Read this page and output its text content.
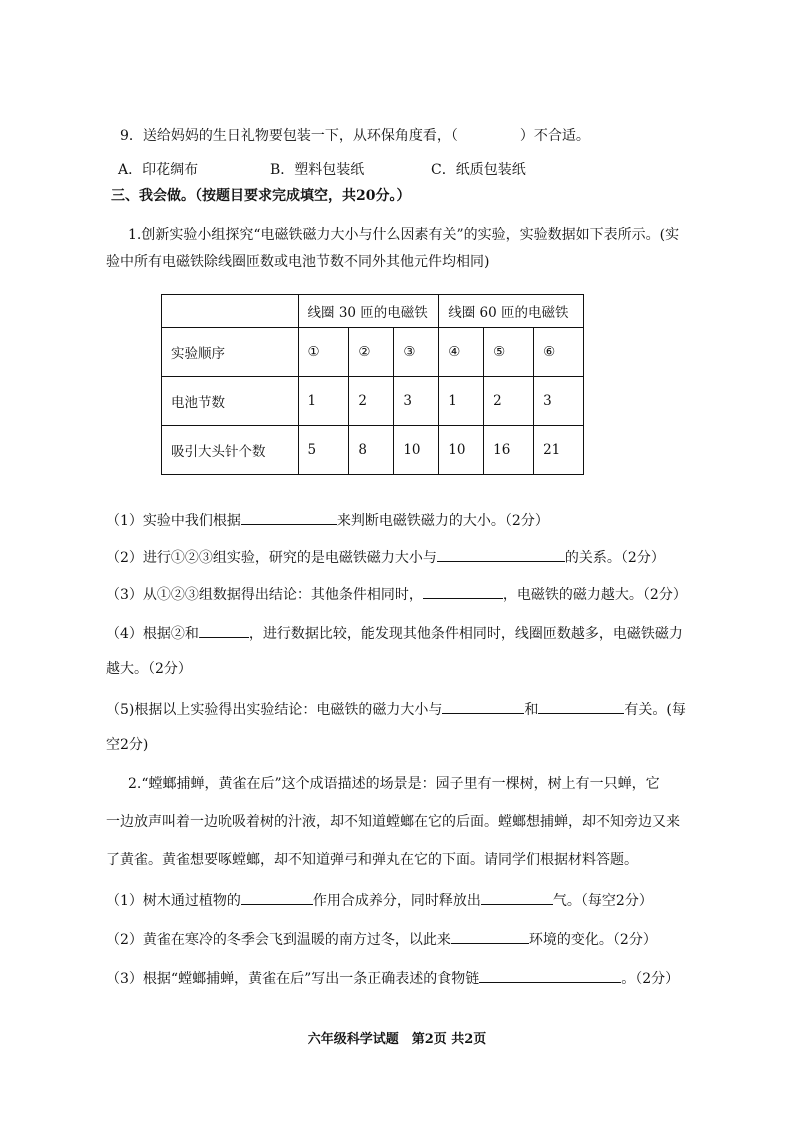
9．送给妈妈的生日礼物要包装一下，从环保角度看，（	）不合适。
A．印花绸布	B．塑料包装纸	C．纸质包装纸
三、我会做。（按题目要求完成填空，共20分。）
1.创新实验小组探究“电磁铁磁力大小与什么因素有关”的实验，实验数据如下表所示。(实
验中所有电磁铁除线圈匝数或电池节数不同外其他元件均相同)
	线圈 30 匝的电磁铁			线圈 60 匝的电磁铁		
实验顺序	①	②	③	④	⑤	⑥
电池节数	1	2	3	1	2	3
吸引大头针个数	5	8	10	10	16	21
（1）实验中我们根据	来判断电磁铁磁力的大小。（2分）
（2）进行①②③组实验，研究的是电磁铁磁力大小与	的关系。（2分）
（3）从①②③组数据得出结论：其他条件相同时，	，电磁铁的磁力越大。（2分）
（4）根据②和	，进行数据比较，能发现其他条件相同时，线圈匝数越多，电磁铁磁力
越大。（2分）
（5)根据以上实验得出实验结论：电磁铁的磁力大小与	和	有关。(每
空2分)
2.“螳螂捕蝉，黄雀在后”这个成语描述的场景是：园子里有一棵树，树上有一只蝉，它
一边放声叫着一边吮吸着树的汁液，却不知道螳螂在它的后面。螳螂想捕蝉，却不知旁边又来
了黄雀。黄雀想要啄螳螂，却不知道弹弓和弹丸在它的下面。请同学们根据材料答题。
（1）树木通过植物的	作用合成养分，同时释放出	气。（每空2分）
（2）黄雀在寒冷的冬季会飞到温暖的南方过冬，以此来	环境的变化。（2分）
（3）根据“螳螂捕蝉，黄雀在后”写出一条正确表述的食物链	。（2分）
六年级科学试题　第2页 共2页
